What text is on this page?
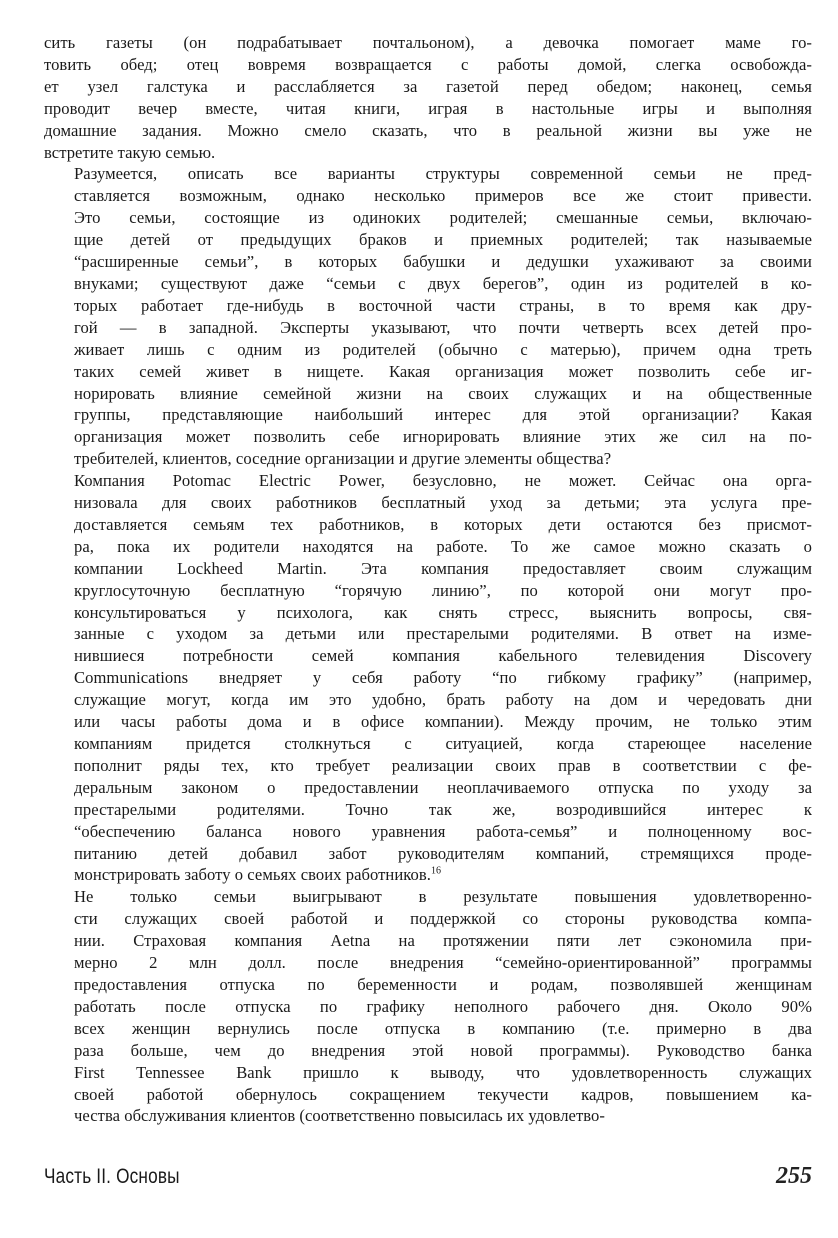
сить газеты (он подрабатывает почтальоном), а девочка помогает маме го-
товить обед; отец вовремя возвращается с работы домой, слегка освобожда-
ет узел галстука и расслабляется за газетой перед обедом; наконец, семья
проводит вечер вместе, читая книги, играя в настольные игры и выполняя
домашние задания. Можно смело сказать, что в реальной жизни вы уже не
встретите такую семью.

Разумеется, описать все варианты структуры современной семьи не пред-
ставляется возможным, однако несколько примеров все же стоит привести.
Это семьи, состоящие из одиноких родителей; смешанные семьи, включаю-
щие детей от предыдущих браков и приемных родителей; так называемые
“расширенные семьи”, в которых бабушки и дедушки ухаживают за своими
внуками; существуют даже “семьи с двух берегов”, один из родителей в ко-
торых работает где-нибудь в восточной части страны, в то время как дру-
гой — в западной. Эксперты указывают, что почти четверть всех детей про-
живает лишь с одним из родителей (обычно с матерью), причем одна треть
таких семей живет в нищете. Какая организация может позволить себе иг-
норировать влияние семейной жизни на своих служащих и на общественные
группы, представляющие наибольший интерес для этой организации? Какая
организация может позволить себе игнорировать влияние этих же сил на по-
требителей, клиентов, соседние организации и другие элементы общества?

Компания Potomac Electric Power, безусловно, не может. Сейчас она орга-
низовала для своих работников бесплатный уход за детьми; эта услуга пре-
доставляется семьям тех работников, в которых дети остаются без присмот-
ра, пока их родители находятся на работе. То же самое можно сказать о
компании Lockheed Martin. Эта компания предоставляет своим служащим
круглосуточную бесплатную “горячую линию”, по которой они могут про-
консультироваться у психолога, как снять стресс, выяснить вопросы, свя-
занные с уходом за детьми или престарелыми родителями. В ответ на изме-
нившиеся потребности семей компания кабельного телевидения Discovery
Communications внедряет у себя работу “по гибкому графику” (например,
служащие могут, когда им это удобно, брать работу на дом и чередовать дни
или часы работы дома и в офисе компании). Между прочим, не только этим
компаниям придется столкнуться с ситуацией, когда стареющее население
пополнит ряды тех, кто требует реализации своих прав в соответствии с фе-
деральным законом о предоставлении неоплачиваемого отпуска по уходу за
престарелыми родителями. Точно так же, возродившийся интерес к
“обеспечению баланса нового уравнения работа-семья” и полноценному вос-
питанию детей добавил забот руководителям компаний, стремящихся проде-
монстрировать заботу о семьях своих работников.$^{16}$

Не только семьи выигрывают в результате повышения удовлетворенно-
сти служащих своей работой и поддержкой со стороны руководства компа-
нии. Страховая компания Aetna на протяжении пяти лет сэкономила при-
мерно 2 млн долл. после внедрения “семейно-ориентированной” программы
предоставления отпуска по беременности и родам, позволявшей женщинам
работать после отпуска по графику неполного рабочего дня. Около 90%
всех женщин вернулись после отпуска в компанию (т.е. примерно в два
раза больше, чем до внедрения этой новой программы). Руководство банка
First Tennessee Bank пришло к выводу, что удовлетворенность служащих
своей работой обернулось сокращением текучести кадров, повышением ка-
чества обслуживания клиентов (соответственно повысилась их удовлетво-

Часть II. Основы	255
